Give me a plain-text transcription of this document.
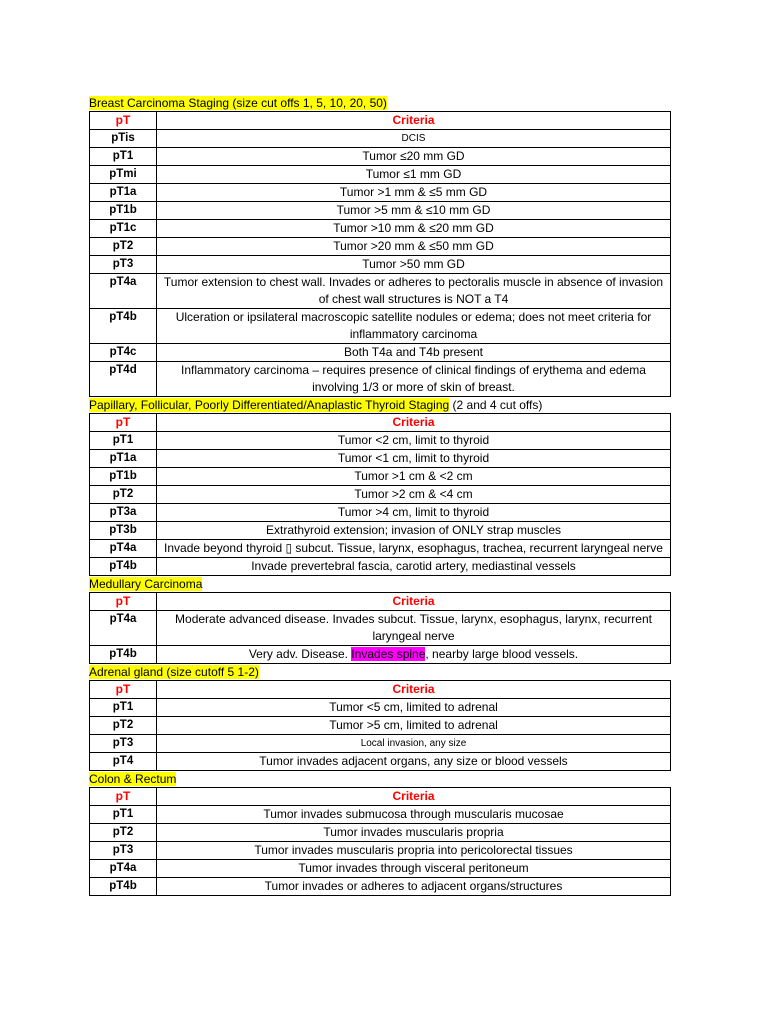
Breast Carcinoma Staging (size cut offs 1, 5, 10, 20, 50)
pT	Criteria
pTis	DCIS
pT1	Tumor ≤20 mm GD
pTmi	Tumor ≤1 mm GD
pT1a	Tumor >1 mm & ≤5 mm GD
pT1b	Tumor >5 mm & ≤10 mm GD
pT1c	Tumor >10 mm & ≤20 mm GD
pT2	Tumor >20 mm & ≤50 mm GD
pT3	Tumor >50 mm GD
pT4a	Tumor extension to chest wall. Invades or adheres to pectoralis muscle in absence of invasion of chest wall structures is NOT a T4
pT4b	Ulceration or ipsilateral macroscopic satellite nodules or edema; does not meet criteria for inflammatory carcinoma
pT4c	Both T4a and T4b present
pT4d	Inflammatory carcinoma – requires presence of clinical findings of erythema and edema involving 1/3 or more of skin of breast.
Papillary, Follicular, Poorly Differentiated/Anaplastic Thyroid Staging (2 and 4 cut offs)
pT	Criteria
pT1	Tumor <2 cm, limit to thyroid
pT1a	Tumor <1 cm, limit to thyroid
pT1b	Tumor >1 cm & <2 cm
pT2	Tumor >2 cm & <4 cm
pT3a	Tumor >4 cm, limit to thyroid
pT3b	Extrathyroid extension; invasion of ONLY strap muscles
pT4a	Invade beyond thyroid ▯ subcut. Tissue, larynx, esophagus, trachea, recurrent laryngeal nerve
pT4b	Invade prevertebral fascia, carotid artery, mediastinal vessels
Medullary Carcinoma
pT	Criteria
pT4a	Moderate advanced disease. Invades subcut. Tissue, larynx, esophagus, larynx, recurrent laryngeal nerve
pT4b	Very adv. Disease. Invades spine, nearby large blood vessels.
Adrenal gland (size cutoff 5 1-2)
pT	Criteria
pT1	Tumor <5 cm, limited to adrenal
pT2	Tumor >5 cm, limited to adrenal
pT3	Local invasion, any size
pT4	Tumor invades adjacent organs, any size or blood vessels
Colon & Rectum
pT	Criteria
pT1	Tumor invades submucosa through muscularis mucosae
pT2	Tumor invades muscularis propria
pT3	Tumor invades muscularis propria into pericolorectal tissues
pT4a	Tumor invades through visceral peritoneum
pT4b	Tumor invades or adheres to adjacent organs/structures
